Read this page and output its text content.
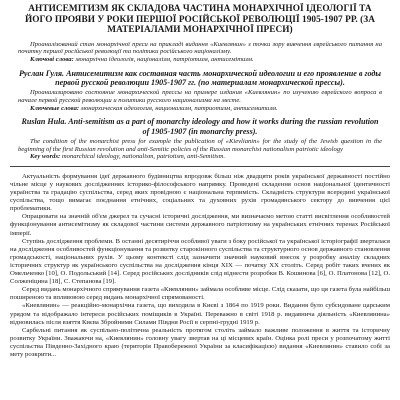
АНТИСЕМІТИЗМ ЯК СКЛАДОВА ЧАСТИНА МОНАРХІЧНОЇ ІДЕОЛОГІЇ ТА ЙОГО ПРОЯВИ У РОКИ ПЕРШОЇ РОСІЙСЬКОЇ РЕВОЛЮЦІЇ 1905-1907 РР. (ЗА МАТЕРІАЛАМИ МОНАРХІЧНОЇ ПРЕСИ)
Проаналізований стан монархічної преси на прикладі видання «Киевлянин» з точки зору вивчення єврейського питання на початку першої російської революції та політики російського націоналізму.
Ключові слова: монархічна ідеологія, націоналізм, патріотизм, антисемітизм.
Руслан Гуля. Антисемитизм как составная часть монархической идеологии и его проявление в годы первой русской революции 1905-1907 гг. (по материалам монархической прессы).
Проанализировано состояние монархической прессы на примере издания «Киевлянин» по изучению еврейского вопроса в начале первой русской революции и политики русского национализма на месте.
Ключевые слова: монархическая идеология, национализм, патриотизм, антисемитизм.
Ruslan Hula. Anti-semitism as a part of monarchy ideology and how it works during the russian revolution of 1905-1907 (in monarchy press).
The condition of the monarchist press for example the publication of «Kievlianin» for the study of the Jewish question in the beginning of the first Russian revolution and anti-Semitic policies of the Russian monarchist nationalism patriotic ideology
Key words: monarchical ideology, nationalism, patriotism, anti-Semitism.

Актуальність формування ідеї державного будівництва впродовж більш ніж двадцяти років української державності постійно чільне місце у наукових дослідженнях історико-філософського напрямку. Проведені складення основ національної ідентичності українства та градацію суспільства, серед яких провідною є національна терпимість. Складність структури всередині української суспільства, тощо вимагає поєднання етнічних, соціальних та духовних рухів громадянського сектору до вивчення цієї проблематики.

Опрацювати на значній об'єм джерел та сучасні історичні дослідження, ми визначаємо метою статті висвітлення особливостей функціонування антисемітизму як складової частини системи державного патріотизму на українських етнічних теренах Російської імперії.

Ступінь дослідження проблеми. В останні десятиріччя особливої уваги з боку російської та української історіографії зверталася на дослідження особливостей функціонування та розвитку старокінного суспільства та структурного основ державного становлення громадськості, національних рухів. У цьому контексті слід зазначити значний науковий внесок у розробку аналізу складних історичних структур як українського суспільства на дослідження кінця XIX — початку XX століть. Серед робіт таких вчених як Омельченко [10], О. Подольський [14]. Серед російських дослідників слід віднести розробки В. Кошинова [6], О. Платонова [12], О. Солженіцина [18], С. Степанова [19].

Серед видань монархічного спрямування газета «Киевлянин» займала особливе місце. Слід сказати, що ця газета була найбільш поширеною та впливовою серед видань монархічної спрямованості.

«Киевлянин» — реакційно-монархічна газета, що виходила в Києві з 1864 по 1919 роки. Видання було субсидоване царським урядом та відображало інтереси російських поміщиків в Україні. Переважно в світі 1918 р. видавнича діяльність «Киевлянина» відновилась після взяття Києва Збройними Силами Півдня Росії в серпні-грудні 1919 р.

Сарбельні питання як суспільно-політична реальність протягом століть займало важливе положення в життя та історичну розвитку України. Зважаючи на, «Киевлянин» головну увагу звертав на ці місцевих країн. Оцінка ролі преси у розпочатому житті суспільства Південно-Західного краю (територія Правобережної України за класифікацією) видання «Киевлянин» ставило собі за мету розкрити...
